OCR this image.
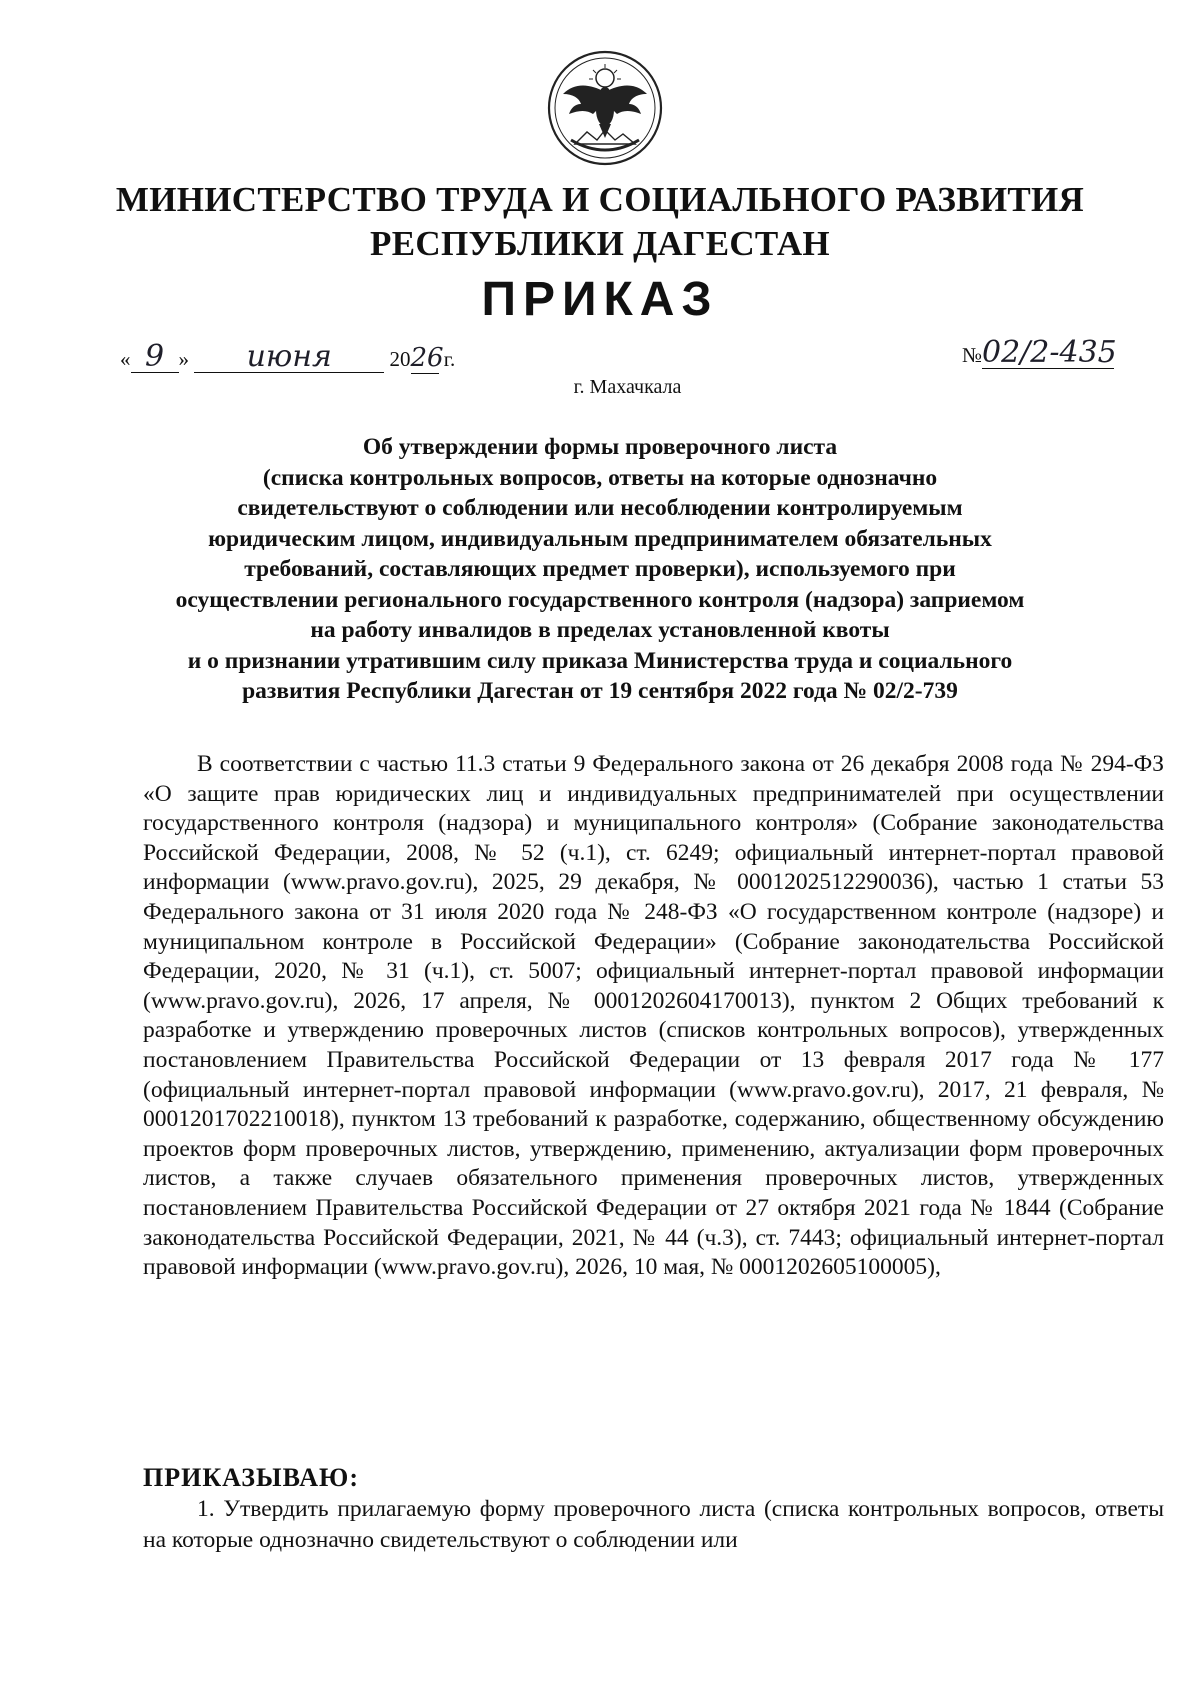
МИНИСТЕРСТВО ТРУДА И СОЦИАЛЬНОГО РАЗВИТИЯ
РЕСПУБЛИКИ ДАГЕСТАН
ПРИКАЗ
« 9 » июня	2026 г.	№02/2-435
г. Махачкала
Об утверждении формы проверочного листа
(списка контрольных вопросов, ответы на которые однозначно
свидетельствуют о соблюдении или несоблюдении контролируемым
юридическим лицом, индивидуальным предпринимателем обязательных
требований, составляющих предмет проверки), используемого при
осуществлении регионального государственного контроля (надзора) заприемом
на работу инвалидов в пределах установленной квоты
и о признании утратившим силу приказа Министерства труда и социального
развития Республики Дагестан от 19 сентября 2022 года № 02/2-739

В соответствии с частью 11.3 статьи 9 Федерального закона от 26 декабря 2008 года № 294-ФЗ «О защите прав юридических лиц и индивидуальных предпринимателей при осуществлении государственного контроля (надзора) и муниципального контроля» (Собрание законодательства Российской Федерации, 2008, № 52 (ч.1), ст. 6249; официальный интернет-портал правовой информации (www.pravo.gov.ru), 2025, 29 декабря, № 0001202512290036), частью 1 статьи 53 Федерального закона от 31 июля 2020 года № 248-ФЗ «О государственном контроле (надзоре) и муниципальном контроле в Российской Федерации» (Собрание законодательства Российской Федерации, 2020, № 31 (ч.1), ст. 5007; официальный интернет-портал правовой информации (www.pravo.gov.ru), 2026, 17 апреля, № 0001202604170013), пунктом 2 Общих требований к разработке и утверждению проверочных листов (списков контрольных вопросов), утвержденных постановлением Правительства Российской Федерации от 13 февраля 2017 года № 177 (официальный интернет-портал правовой информации (www.pravo.gov.ru), 2017, 21 февраля, № 0001201702210018), пунктом 13 требований к разработке, содержанию, общественному обсуждению проектов форм проверочных листов, утверждению, применению, актуализации форм проверочных листов, а также случаев обязательного применения проверочных листов, утвержденных постановлением Правительства Российской Федерации от 27 октября 2021 года № 1844 (Собрание законодательства Российской Федерации, 2021, № 44 (ч.3), ст. 7443; официальный интернет-портал правовой информации (www.pravo.gov.ru), 2026, 10 мая, № 0001202605100005),

ПРИКАЗЫВАЮ:

1. Утвердить прилагаемую форму проверочного листа (списка контрольных вопросов, ответы на которые однозначно свидетельствуют о соблюдении или
